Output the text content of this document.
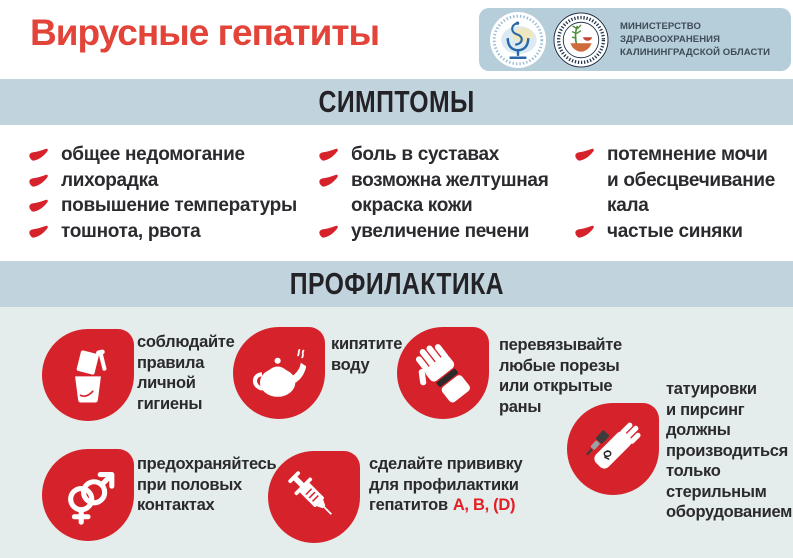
Вирусные гепатиты	МИНИСТЕРСТВО ЗДРАВООХРАНЕНИЯ
КАЛИНИНГРАДСКОЙ ОБЛАСТИ
СИМПТОМЫ
общее недомогание
лихорадка
повышение температуры
тошнота, рвота
боль в суставах
возможна желтушная
окраска кожи
увеличение печени
потемнение мочи
и обесцвечивание
кала
частые синяки
ПРОФИЛАКТИКА
соблюдайте
правила
личной
гигиены
кипятите
воду
перевязывайте
любые порезы
или открытые
раны
татуировки
и пирсинг
должны
производиться
только
стерильным
оборудованием
предохраняйтесь
при половых
контактах
сделайте прививку
для профилактики
гепатитов А, В, (D)
